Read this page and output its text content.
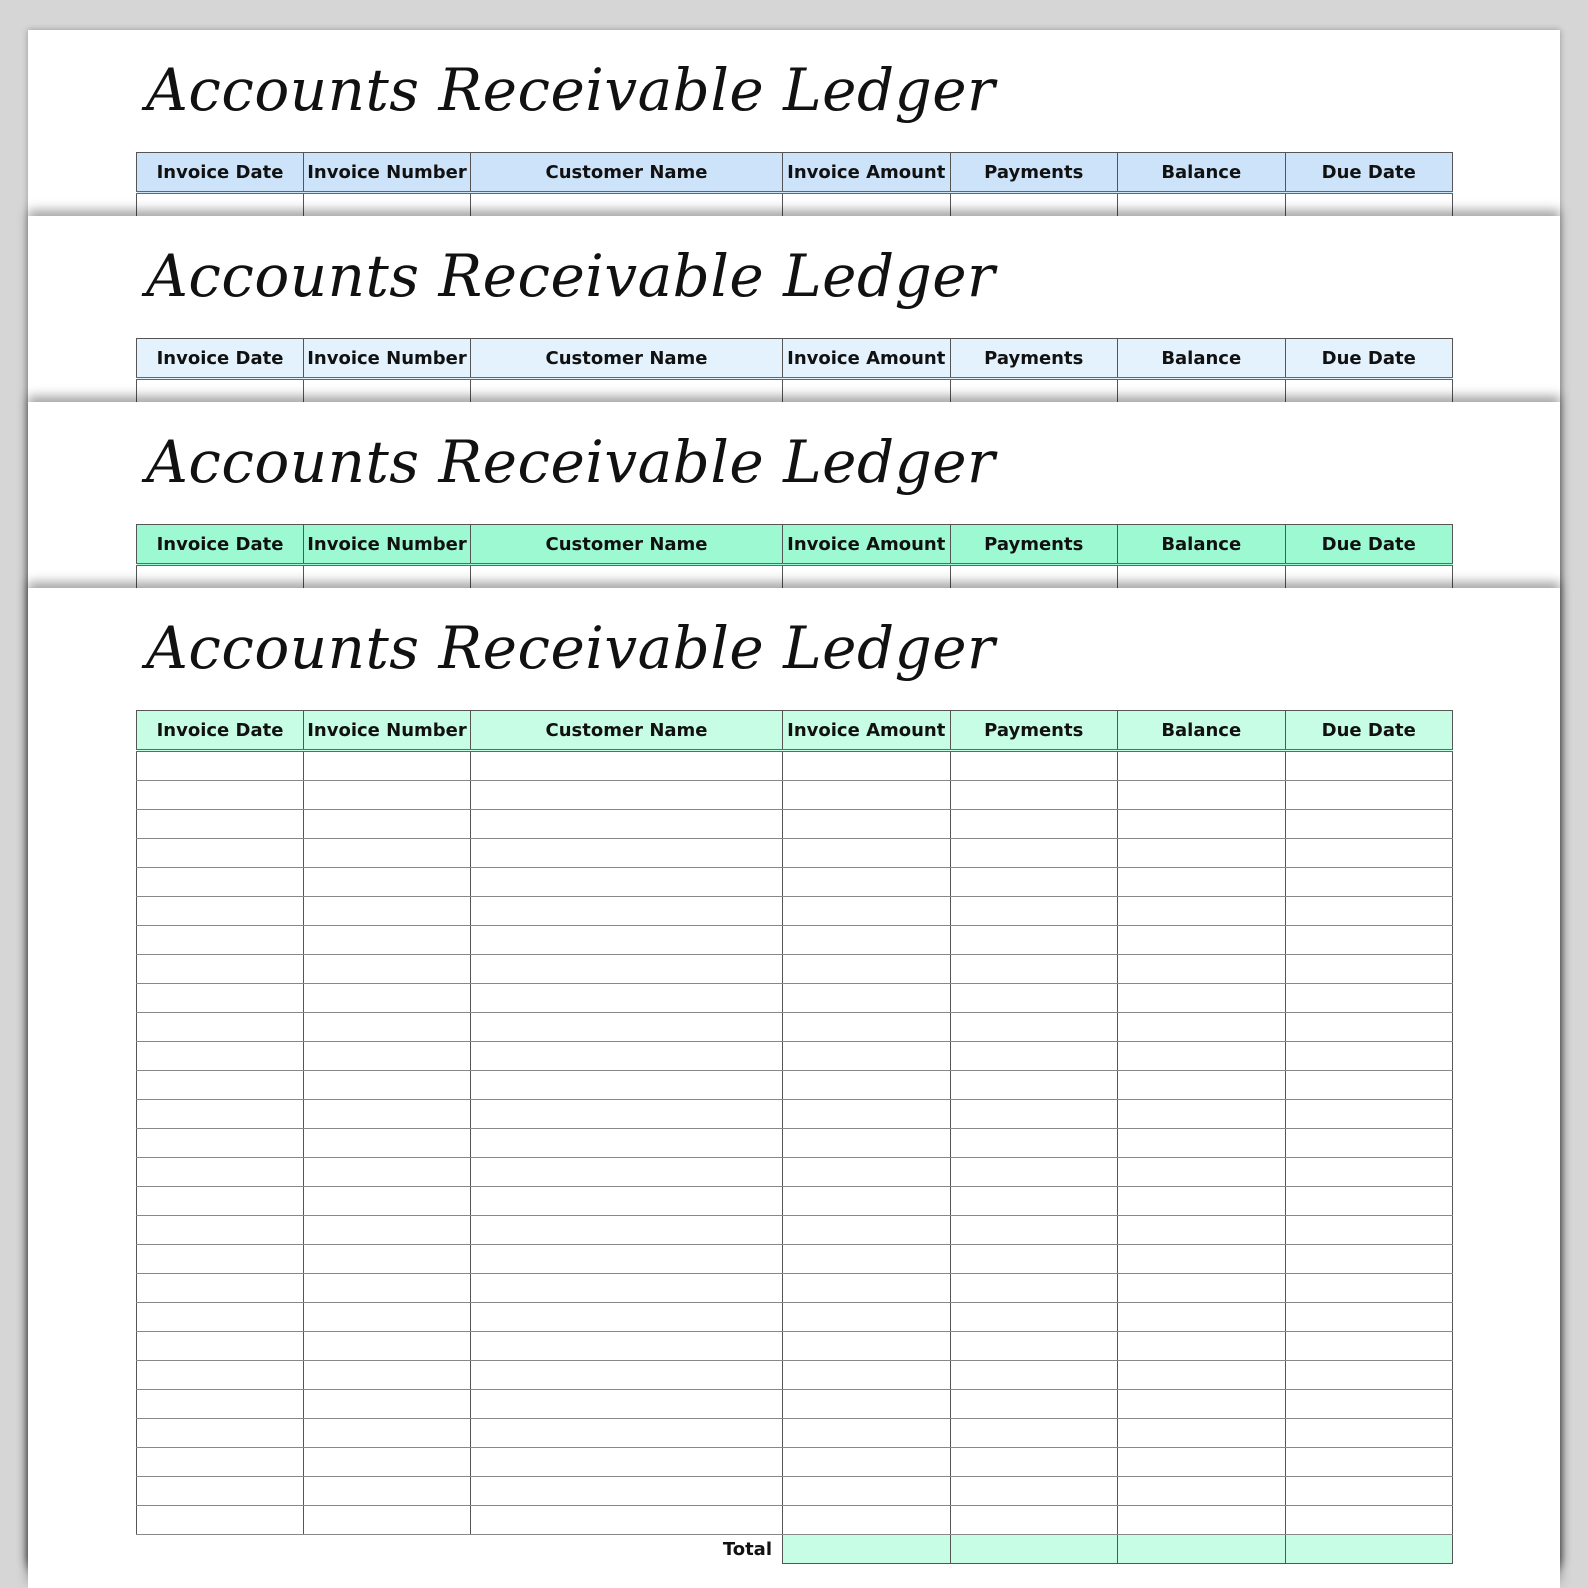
Accounts Receivable Ledger
Invoice Date	Invoice Number	Customer Name	Invoice Amount	Payments	Balance	Due Date

Accounts Receivable Ledger
Invoice Date	Invoice Number	Customer Name	Invoice Amount	Payments	Balance	Due Date

Accounts Receivable Ledger
Invoice Date	Invoice Number	Customer Name	Invoice Amount	Payments	Balance	Due Date

Accounts Receivable Ledger
Invoice Date	Invoice Number	Customer Name	Invoice Amount	Payments	Balance	Due Date

Total						
